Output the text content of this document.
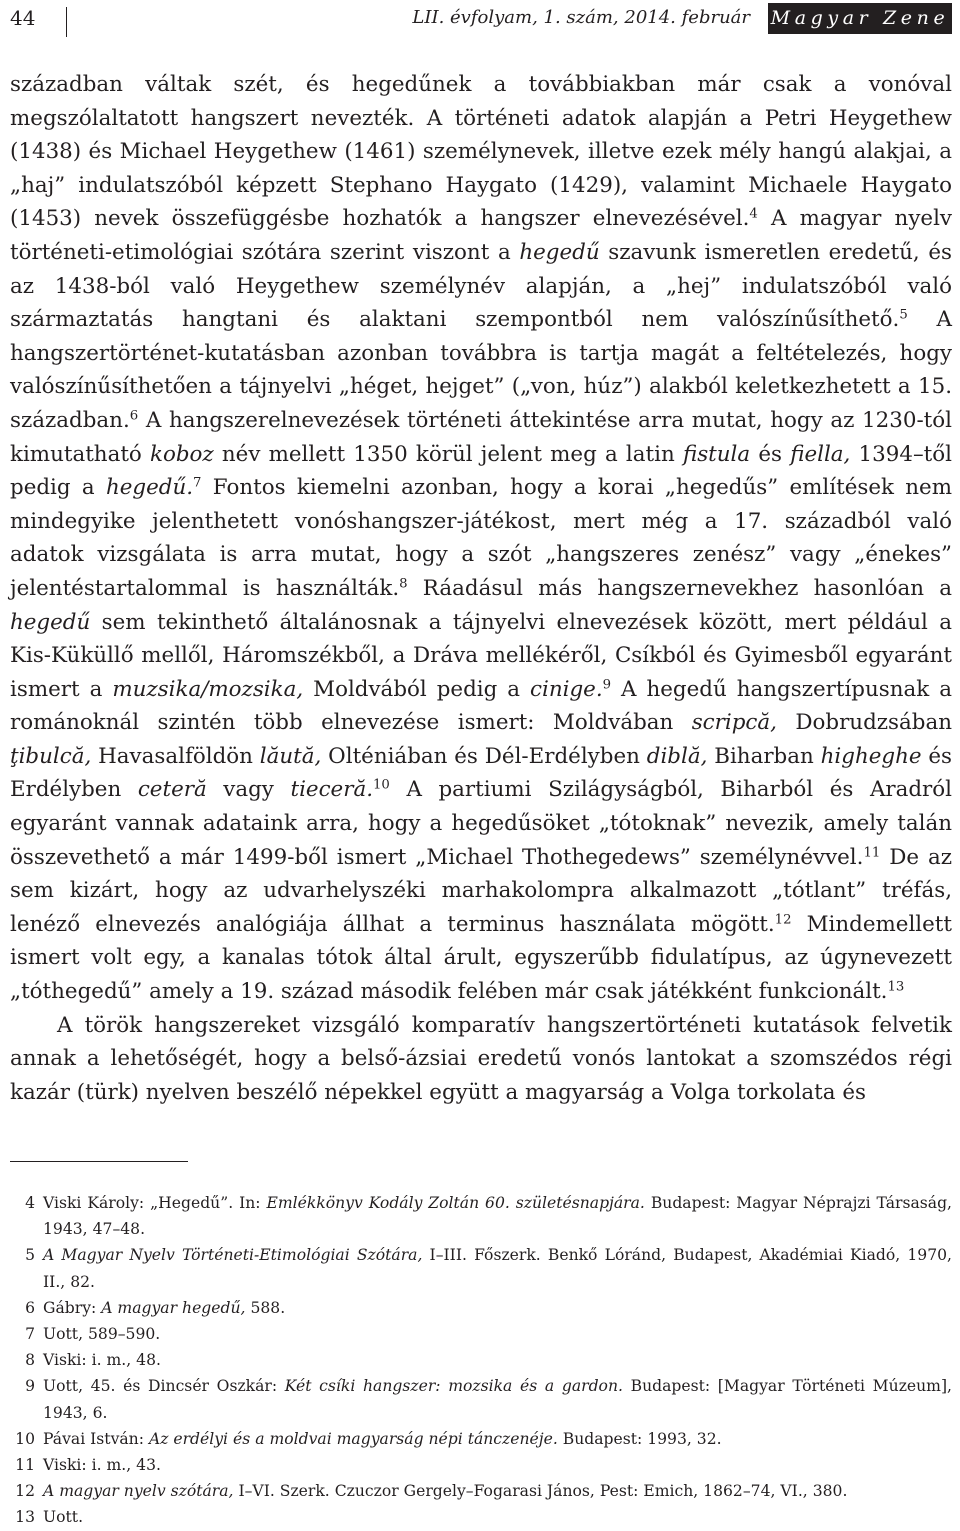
44	LII. évfolyam, 1. szám, 2014. február Magyar Zene

században váltak szét, és hegedűnek a továbbiakban már csak a vonóval megszólaltatott hangszert nevezték. A történeti adatok alapján a Petri Heygethew (1438) és Michael Heygethew (1461) személynevek, illetve ezek mély hangú alakjai, a „haj” indulatszóból képzett Stephano Haygato (1429), valamint Michaele Haygato (1453) nevek összefüggésbe hozhatók a hangszer elnevezésével.$^4$ A magyar nyelv történeti-etimológiai szótára szerint viszont a hegedű szavunk ismeretlen eredetű, és az 1438-ból való Heygethew személynév alapján, a „hej” indulatszóból való származtatás hangtani és alaktani szempontból nem valószínűsíthető.$^5$ A hangszertörténet-kutatásban azonban továbbra is tartja magát a feltételezés, hogy valószínűsíthetően a tájnyelvi „héget, hejget” („von, húz”) alakból keletkezhetett a 15. században.$^6$ A hangszerelnevezések történeti áttekintése arra mutat, hogy az 1230-tól kimutatható koboz név mellett 1350 körül jelent meg a latin fistula és fiella, 1394–től pedig a hegedű.$^7$ Fontos kiemelni azonban, hogy a korai „hegedűs” említések nem mindegyike jelenthetett vonóshangszer-játékost, mert még a 17. századból való adatok vizsgálata is arra mutat, hogy a szót „hangszeres zenész” vagy „énekes” jelentéstartalommal is használták.$^8$ Ráadásul más hangszernevekhez hasonlóan a hegedű sem tekinthető általánosnak a tájnyelvi elnevezések között, mert például a Kis-Küküllő mellől, Háromszékből, a Dráva mellékéről, Csíkból és Gyimesből egyaránt ismert a muzsika/mozsika, Moldvából pedig a cinige.$^9$ A hegedű hangszertípusnak a románoknál szintén több elnevezése ismert: Moldvában scripcă, Dobrudzsában ţibulcă, Havasalföldön lăută, Olténiában és Dél-Erdélyben diblă, Biharban higheghe és Erdélyben ceteră vagy tieceră.$^{10}$ A partiumi Szilágyságból, Biharból és Aradról egyaránt vannak adataink arra, hogy a hegedűsöket „tótoknak” nevezik, amely talán összevethető a már 1499-ből ismert „Michael Thothegedews” személynévvel.$^{11}$ De az sem kizárt, hogy az udvarhelyszéki marhakolompra alkalmazott „tótlant” tréfás, lenéző elnevezés analógiája állhat a terminus használata mögött.$^{12}$ Mindemellett ismert volt egy, a kanalas tótok által árult, egyszerűbb fidulatípus, az úgynevezett „tóthegedű” amely a 19. század második felében már csak játékként funkcionált.$^{13}$

A török hangszereket vizsgáló komparatív hangszertörténeti kutatások felvetik annak a lehetőségét, hogy a belső-ázsiai eredetű vonós lantokat a szomszédos régi kazár (türk) nyelven beszélő népekkel együtt a magyarság a Volga torkolata és

4 Viski Károly: „Hegedű”. In: Emlékkönyv Kodály Zoltán 60. születésnapjára. Budapest: Magyar Néprajzi Társaság, 1943, 47–48.
5 A Magyar Nyelv Történeti-Etimológiai Szótára, I–III. Főszerk. Benkő Lóránd, Budapest, Akadémiai Kiadó, 1970, II., 82.
6 Gábry: A magyar hegedű, 588.
7 Uott, 589–590.
8 Viski: i. m., 48.
9 Uott, 45. és Dincsér Oszkár: Két csíki hangszer: mozsika és a gardon. Budapest: [Magyar Történeti Múzeum], 1943, 6.
10 Pávai István: Az erdélyi és a moldvai magyarság népi tánczenéje. Budapest: 1993, 32.
11 Viski: i. m., 43.
12 A magyar nyelv szótára, I–VI. Szerk. Czuczor Gergely–Fogarasi János, Pest: Emich, 1862–74, VI., 380.
13 Uott.
